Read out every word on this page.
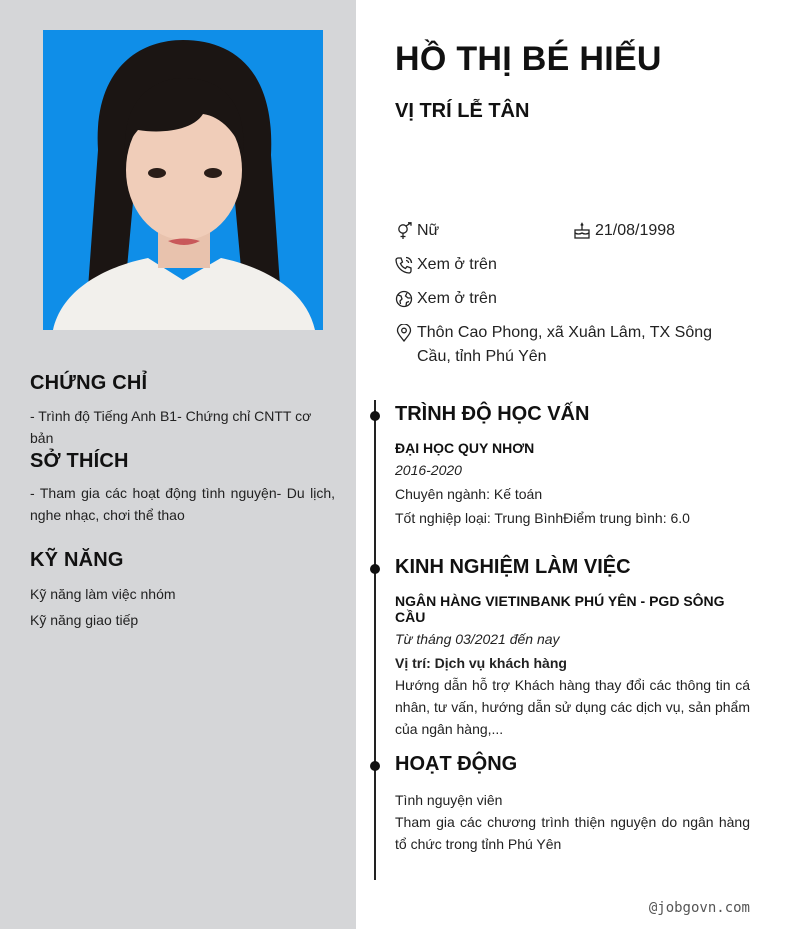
CHỨNG CHỈ

- Trình độ Tiếng Anh B1- Chứng chỉ CNTT cơ bản

SỞ THÍCH

- Tham gia các hoạt động tình nguyện- Du lịch, nghe nhạc, chơi thể thao

KỸ NĂNG

Kỹ năng làm việc nhóm

Kỹ năng giao tiếp

HỒ THỊ BÉ HIẾU
VỊ TRÍ LỄ TÂN
Nữ	21/08/1998
Xem ở trên
Xem ở trên
Thôn Cao Phong, xã Xuân Lâm, TX Sông Cầu, tỉnh Phú Yên
TRÌNH ĐỘ HỌC VẤN

ĐẠI HỌC QUY NHƠN

2016-2020

Chuyên ngành: Kế toán

Tốt nghiệp loại: Trung BìnhĐiểm trung bình: 6.0

KINH NGHIỆM LÀM VIỆC

NGÂN HÀNG VIETINBANK PHÚ YÊN - PGD SÔNG CẦU

Từ tháng 03/2021 đến nay

Vị trí: Dịch vụ khách hàng

Hướng dẫn hỗ trợ Khách hàng thay đổi các thông tin cá nhân, tư vấn, hướng dẫn sử dụng các dịch vụ, sản phẩm của ngân hàng,...

HOẠT ĐỘNG

Tình nguyện viên

Tham gia các chương trình thiện nguyện do ngân hàng tổ chức trong tỉnh Phú Yên

@jobgovn.com
